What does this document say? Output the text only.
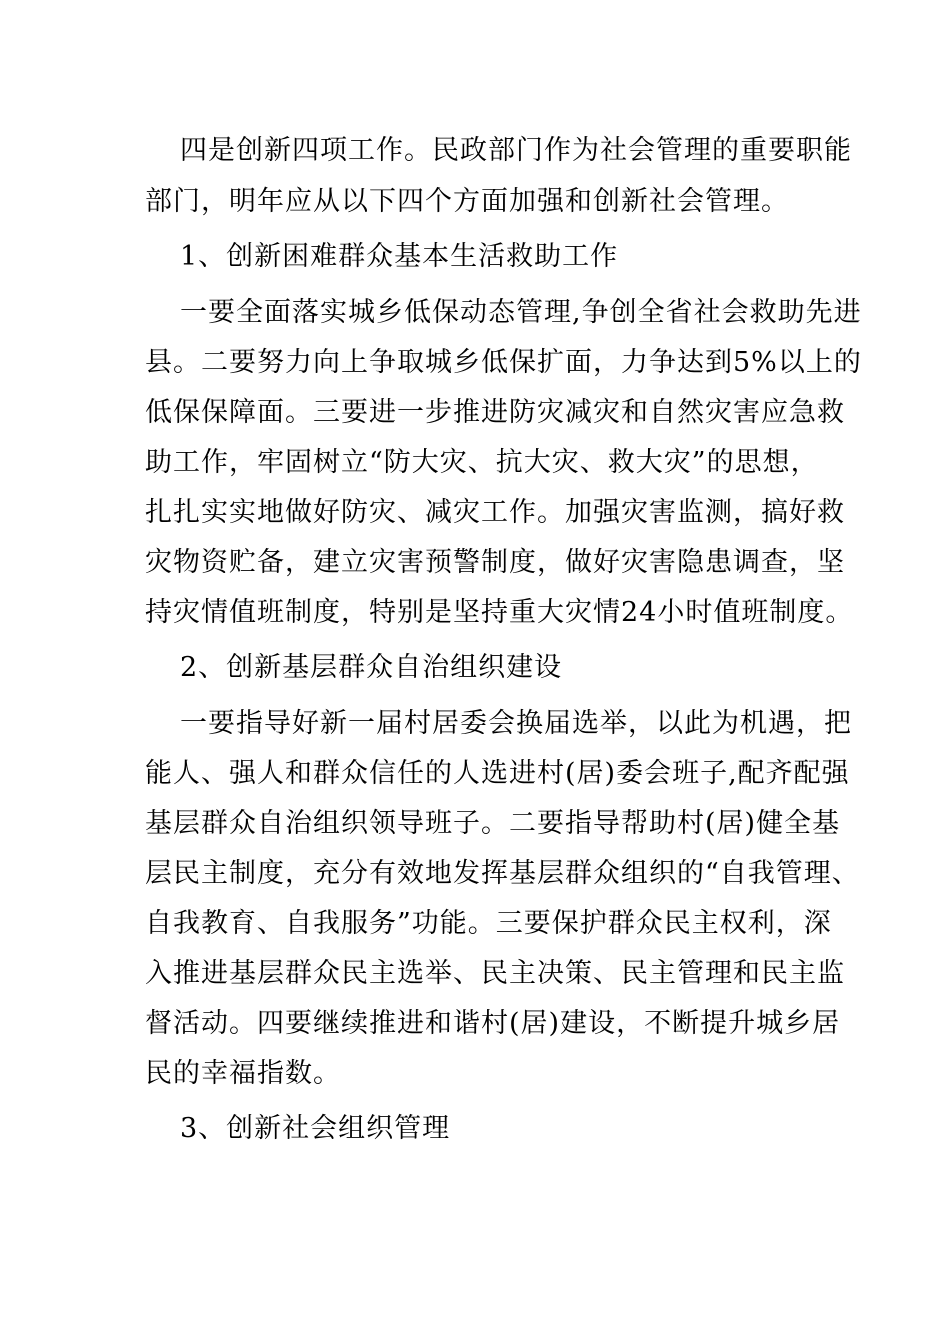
四是创新四项工作。民政部门作为社会管理的重要职能
部门，明年应从以下四个方面加强和创新社会管理。
1、创新困难群众基本生活救助工作
一要全面落实城乡低保动态管理,争创全省社会救助先进
县。二要努力向上争取城乡低保扩面，力争达到5%以上的
低保保障面。三要进一步推进防灾减灾和自然灾害应急救
助工作，牢固树立“防大灾、抗大灾、救大灾”的思想，
扎扎实实地做好防灾、减灾工作。加强灾害监测，搞好救
灾物资贮备，建立灾害预警制度，做好灾害隐患调查，坚
持灾情值班制度，特别是坚持重大灾情24小时值班制度。
2、创新基层群众自治组织建设
一要指导好新一届村居委会换届选举，以此为机遇，把
能人、强人和群众信任的人选进村(居)委会班子,配齐配强
基层群众自治组织领导班子。二要指导帮助村(居)健全基
层民主制度，充分有效地发挥基层群众组织的“自我管理、
自我教育、自我服务”功能。三要保护群众民主权利，深
入推进基层群众民主选举、民主决策、民主管理和民主监
督活动。四要继续推进和谐村(居)建设，不断提升城乡居
民的幸福指数。
3、创新社会组织管理
